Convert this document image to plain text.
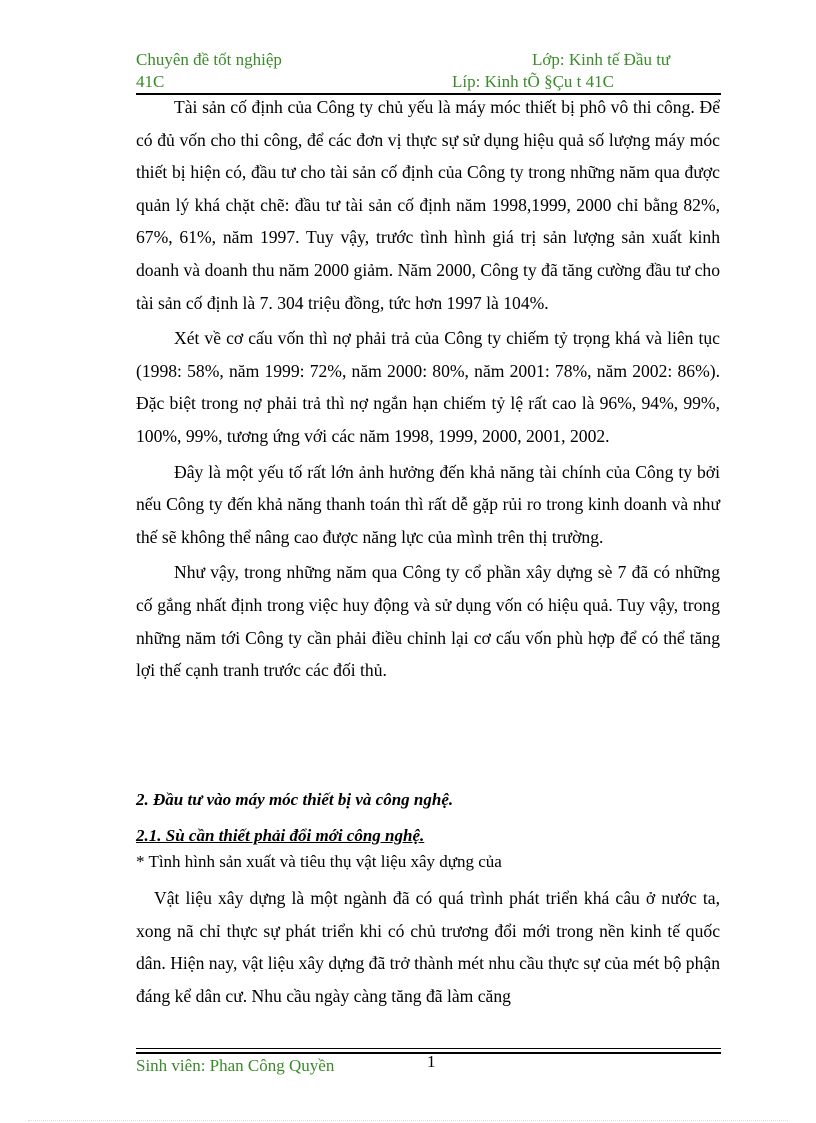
Chuyên đề tốt nghiệp	Lớp: Kinh tế Đầu tư
41C	Líp: Kinh tÕ §Çu t 41C

Tài sản cố định của Công ty chủ yếu là máy móc thiết bị phô vô thi công. Để có đủ vốn cho thi công, để các đơn vị thực sự sử dụng hiệu quả số lượng máy móc thiết bị hiện có, đầu tư cho tài sản cố định của Công ty trong những năm qua được quản lý khá chặt chẽ: đầu tư tài sản cố định năm 1998,1999, 2000 chỉ bằng 82%, 67%, 61%, năm 1997. Tuy vậy, trước tình hình giá trị sản lượng sản xuất kinh doanh và doanh thu năm 2000 giảm. Năm 2000, Công ty đã tăng cường đầu tư cho tài sản cố định là 7. 304 triệu đồng, tức hơn 1997 là 104%.

Xét về cơ cấu vốn thì nợ phải trả của Công ty chiếm tỷ trọng khá và liên tục (1998: 58%, năm 1999: 72%, năm 2000: 80%, năm 2001: 78%, năm 2002: 86%). Đặc biệt trong nợ phải trả thì nợ ngắn hạn chiếm tỷ lệ rất cao là 96%, 94%, 99%, 100%, 99%, tương ứng với các năm 1998, 1999, 2000, 2001, 2002.

Đây là một yếu tố rất lớn ảnh hưởng đến khả năng tài chính của Công ty bởi nếu Công ty đến khả năng thanh toán thì rất dễ gặp rủi ro trong kinh doanh và như thế sẽ không thể nâng cao được năng lực của mình trên thị trường.

Như vậy, trong những năm qua Công ty cổ phần xây dựng sè 7 đã có những cố gắng nhất định trong việc huy động và sử dụng vốn có hiệu quả. Tuy vậy, trong những năm tới Công ty cần phải điều chỉnh lại cơ cấu vốn phù hợp để có thể tăng lợi thế cạnh tranh trước các đối thủ.

2. Đầu tư vào máy móc thiết bị và công nghệ.
2.1. Sù cần thiết phải đổi mới công nghệ.
* Tình hình sản xuất và tiêu thụ vật liệu xây dựng của

Vật liệu xây dựng là một ngành đã có quá trình phát triển khá câu ở nước ta, xong nã chỉ thực sự phát triển khi có chủ trương đổi mới trong nền kinh tế quốc dân. Hiện nay, vật liệu xây dựng đã trở thành mét nhu cầu thực sự của mét bộ phận đáng kể dân cư. Nhu cầu ngày càng tăng đã làm căng

Sinh viên: Phan Công Quyền	1
